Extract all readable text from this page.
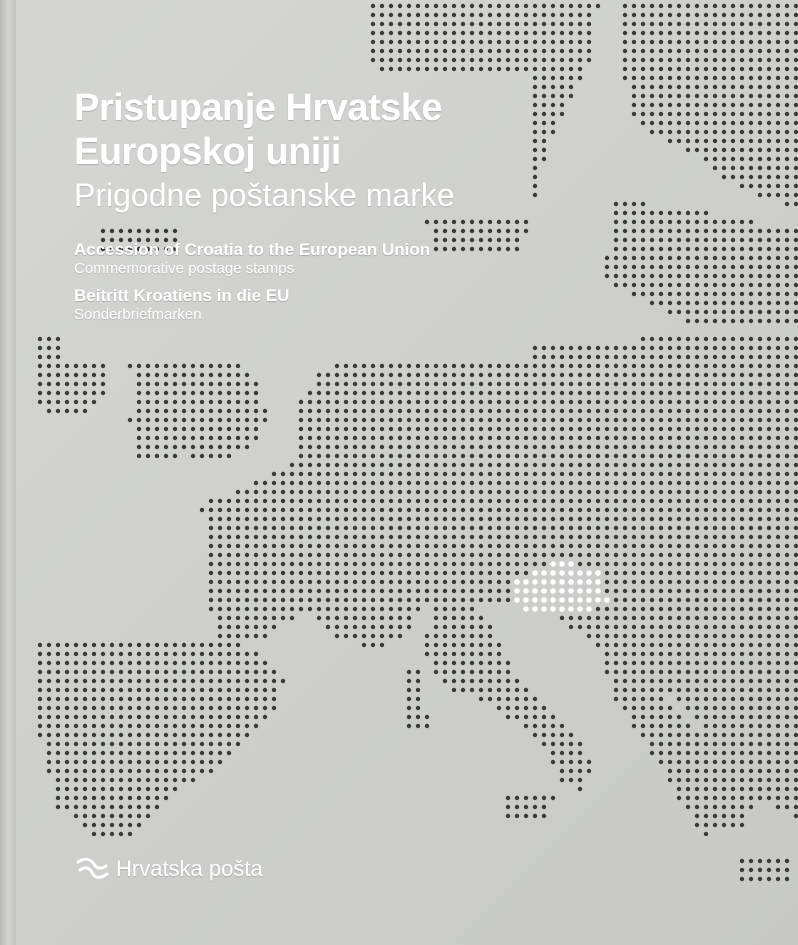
Pristupanje Hrvatske
Europskoj uniji
Prigodne poštanske marke
Accession of Croatia to the European Union
Commemorative postage stamps
Beitritt Kroatiens in die EU
Sonderbriefmarken
Hrvatska pošta
